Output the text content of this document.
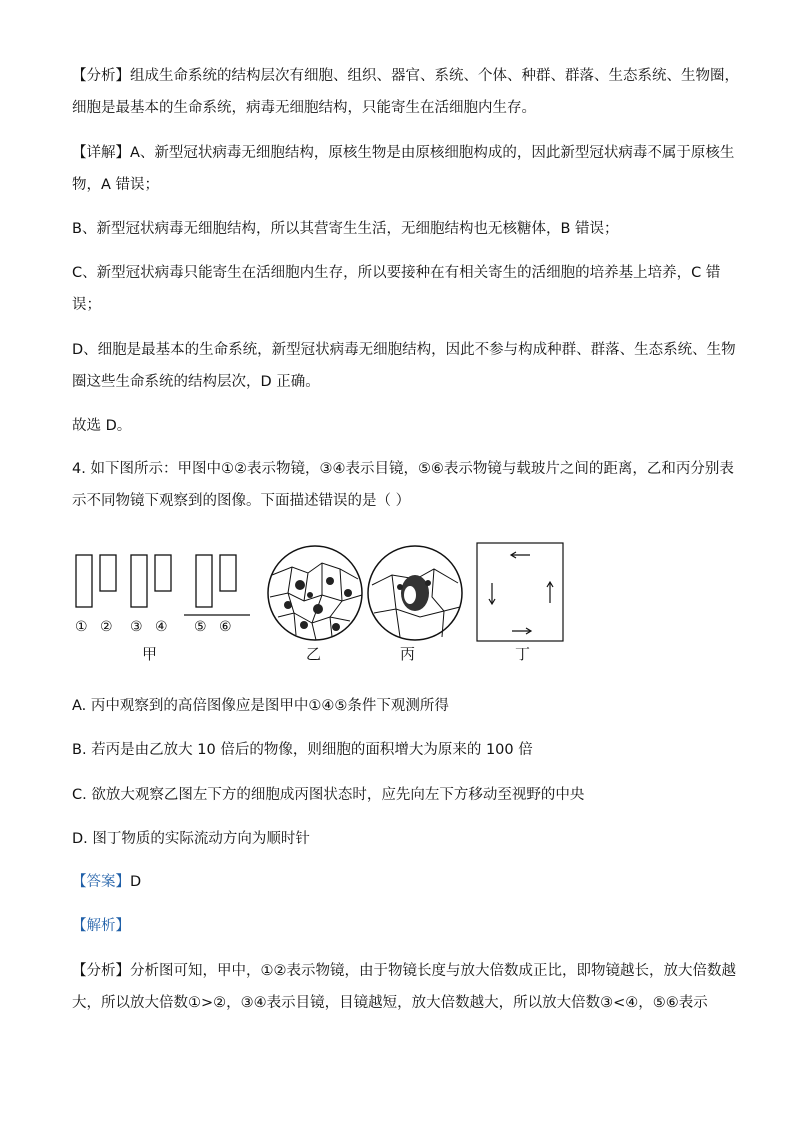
【分析】组成生命系统的结构层次有细胞、组织、器官、系统、个体、种群、群落、生态系统、生物圈，
细胞是最基本的生命系统，病毒无细胞结构，只能寄生在活细胞内生存。
【详解】A、新型冠状病毒无细胞结构，原核生物是由原核细胞构成的，因此新型冠状病毒不属于原核生
物，A 错误；
B、新型冠状病毒无细胞结构，所以其营寄生生活，无细胞结构也无核糖体，B 错误；
C、新型冠状病毒只能寄生在活细胞内生存，所以要接种在有相关寄生的活细胞的培养基上培养，C 错
误；
D、细胞是最基本的生命系统，新型冠状病毒无细胞结构，因此不参与构成种群、群落、生态系统、生物
圈这些生命系统的结构层次，D 正确。
故选 D。
4. 如下图所示：甲图中①②表示物镜，③④表示目镜，⑤⑥表示物镜与载玻片之间的距离，乙和丙分别表
示不同物镜下观察到的图像。下面描述错误的是（ ）
① ② ③ ④ ⑤ ⑥
甲	乙	丙	丁
A. 丙中观察到的高倍图像应是图甲中①④⑤条件下观测所得
B. 若丙是由乙放大 10 倍后的物像，则细胞的面积增大为原来的 100 倍
C. 欲放大观察乙图左下方的细胞成丙图状态时，应先向左下方移动至视野的中央
D. 图丁物质的实际流动方向为顺时针
【答案】D
【解析】
【分析】分析图可知，甲中，①②表示物镜，由于物镜长度与放大倍数成正比，即物镜越长，放大倍数越
大，所以放大倍数①>②，③④表示目镜，目镜越短，放大倍数越大，所以放大倍数③<④，⑤⑥表示
